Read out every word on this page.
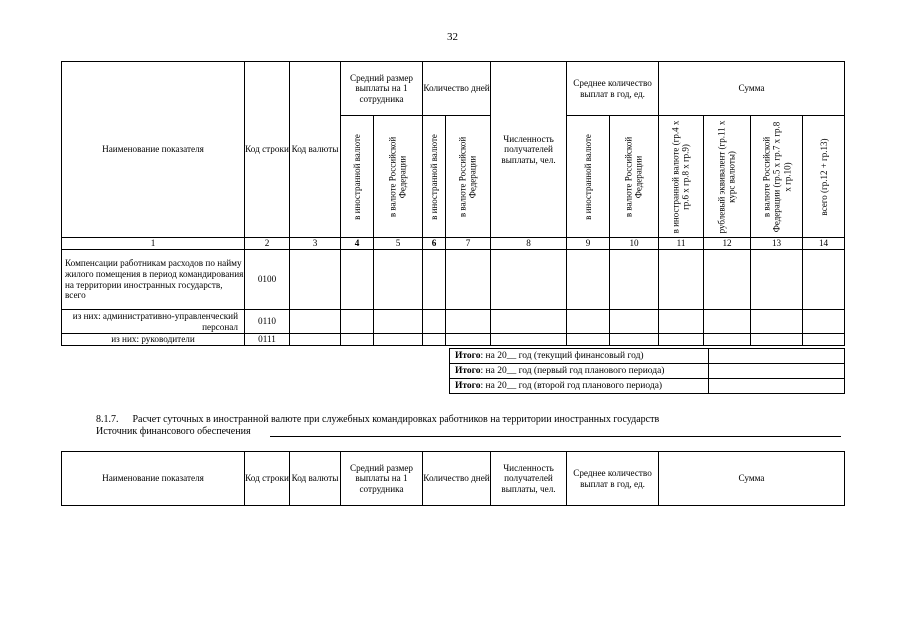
32
Наименование показателя	Код строки	Код валюты	Средний размер выплаты на 1 сотрудника		Количество дней		Численность получателей выплаты, чел.	Среднее количество выплат в год, ед.		Сумма			

			в иностранной валюте	в валюте Российской Федерации	в иностранной валюте	в валюте Российской Федерации		в иностранной валюте	в валюте Российской Федерации	в иностранной валюте (гр.4 х гр.6 х гр.8 х гр.9)	рублевый эквивалент (гр.11 х курс валюты)	в валюте Российской Федерации (гр.5 х гр.7 х гр.8 х гр.10)	всего (гр.12 + гр.13)

1	2	3	4	5	6	7	8	9	10	11	12	13	14
Компенсации работникам расходов по найму жилого помещения в период командирования на территории иностранных государств, всего	0100												
из них: административно-управленческий персонал	0110												
из них: руководители	0111												
Итого: на 20__ год (текущий финансовый год)	
Итого: на 20__ год (первый год планового периода)	
Итого: на 20__ год (второй год планового периода)	
8.1.7. Расчет суточных в иностранной валюте при служебных командировках работников на территории иностранных государств
Источник финансового обеспечения
Наименование показателя	Код строки	Код валюты	Средний размер выплаты на 1 сотрудника	Количество дней	Численность получателей выплаты, чел.	Среднее количество выплат в год, ед.	Сумма
